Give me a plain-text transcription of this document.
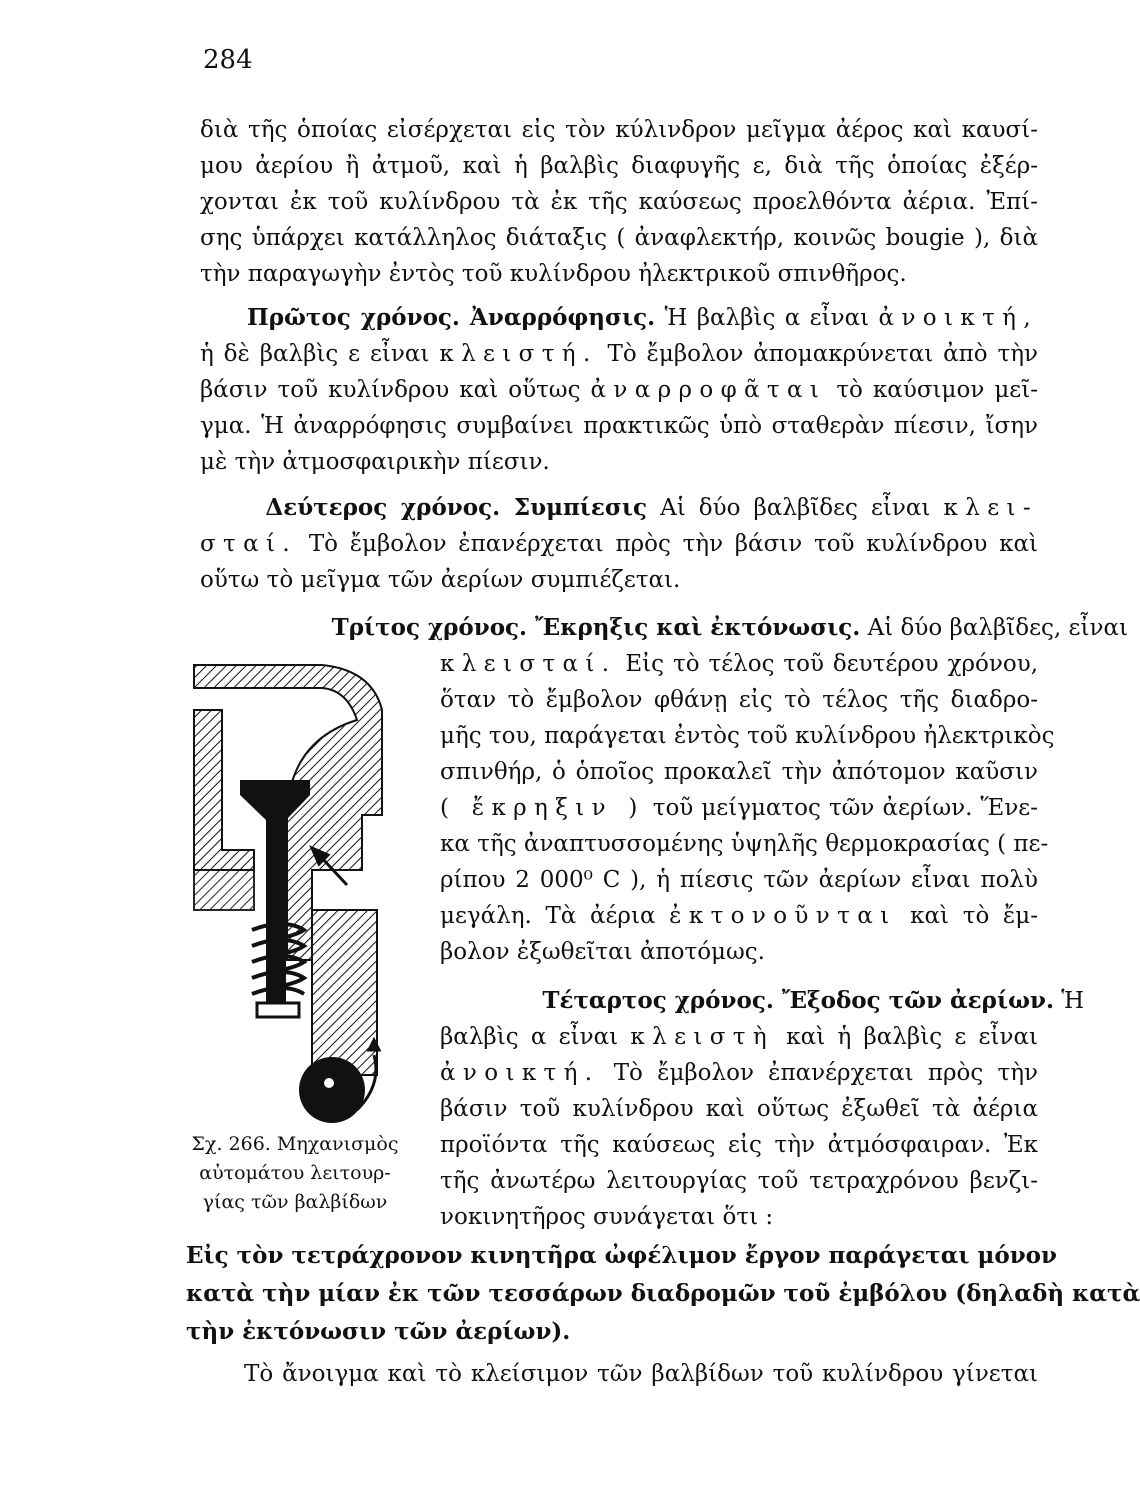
284

διὰ τῆς ὁποίας εἰσέρχεται εἰς τὸν κύλινδρον μεῖγμα ἀέρος καὶ καυσί-
μου ἀερίου ἢ ἀτμοῦ, καὶ ἡ βαλβὶς διαφυγῆς ε, διὰ τῆς ὁποίας ἐξέρ-
χονται ἐκ τοῦ κυλίνδρου τὰ ἐκ τῆς καύσεως προελθόντα ἀέρια. Ἐπί-
σης ὑπάρχει κατάλληλος διάταξις ( ἀναφλεκτήρ, κοινῶς bougie ), διὰ
τὴν παραγωγὴν ἐντὸς τοῦ κυλίνδρου ἠλεκτρικοῦ σπινθῆρος.

Πρῶτος χρόνος. Ἀναρρόφησις. Ἡ βαλβὶς α εἶναι ἀνοικτή,
ἡ δὲ βαλβὶς ε εἶναι κλειστή. Τὸ ἔμβολον ἀπομακρύνεται ἀπὸ τὴν
βάσιν τοῦ κυλίνδρου καὶ οὕτως ἀναρροφᾶται τὸ καύσιμον μεῖ-
γμα. Ἡ ἀναρρόφησις συμβαίνει πρακτικῶς ὑπὸ σταθερὰν πίεσιν, ἴσην
μὲ τὴν ἀτμοσφαιρικὴν πίεσιν.

Δεύτερος χρόνος. Συμπίεσις Αἱ δύο βαλβῖδες εἶναι κλει-
σταί. Τὸ ἔμβολον ἐπανέρχεται πρὸς τὴν βάσιν τοῦ κυλίνδρου καὶ
οὕτω τὸ μεῖγμα τῶν ἀερίων συμπιέζεται.

Τρίτος χρόνος. Ἔκρηξις καὶ ἐκτόνωσις. Αἱ δύο βαλβῖδες, εἶναι

κλεισταί. Εἰς τὸ τέλος τοῦ δευτέρου χρόνου,
ὅταν τὸ ἔμβολον φθάνῃ εἰς τὸ τέλος τῆς διαδρο-
μῆς του, παράγεται ἐντὸς τοῦ κυλίνδρου ἠλεκτρικὸς
σπινθήρ, ὁ ὁποῖος προκαλεῖ τὴν ἀπότομον καῦσιν
( ἔκρηξιν ) τοῦ μείγματος τῶν ἀερίων. Ἕνε-
κα τῆς ἀναπτυσσομένης ὑψηλῆς θερμοκρασίας ( πε-
ρίπου 2 000⁰ C ), ἡ πίεσις τῶν ἀερίων εἶναι πολὺ
μεγάλη. Τὰ ἀέρια ἐκτονοῦνται καὶ τὸ ἔμ-
βολον ἐξωθεῖται ἀποτόμως.

Τέταρτος χρόνος. Ἔξοδος τῶν ἀερίων. Ἡ
βαλβὶς α εἶναι κλειστὴ καὶ ἡ βαλβὶς ε εἶναι
ἀνοικτή. Τὸ ἔμβολον ἐπανέρχεται πρὸς τὴν
βάσιν τοῦ κυλίνδρου καὶ οὕτως ἐξωθεῖ τὰ ἀέρια
προϊόντα τῆς καύσεως εἰς τὴν ἀτμόσφαιραν. Ἐκ
τῆς ἀνωτέρω λειτουργίας τοῦ τετραχρόνου βενζι-
νοκινητῆρος συνάγεται ὅτι :

Σχ. 266. Μηχανισμὸς
αὐτομάτου λειτουρ-
γίας τῶν βαλβίδων

Εἰς τὸν τετράχρονον κινητῆρα ὠφέλιμον ἔργον παράγεται μόνον
κατὰ τὴν μίαν ἐκ τῶν τεσσάρων διαδρομῶν τοῦ ἐμβόλου (δηλαδὴ κατὰ
τὴν ἐκτόνωσιν τῶν ἀερίων).

Τὸ ἄνοιγμα καὶ τὸ κλείσιμον τῶν βαλβίδων τοῦ κυλίνδρου γίνεται
